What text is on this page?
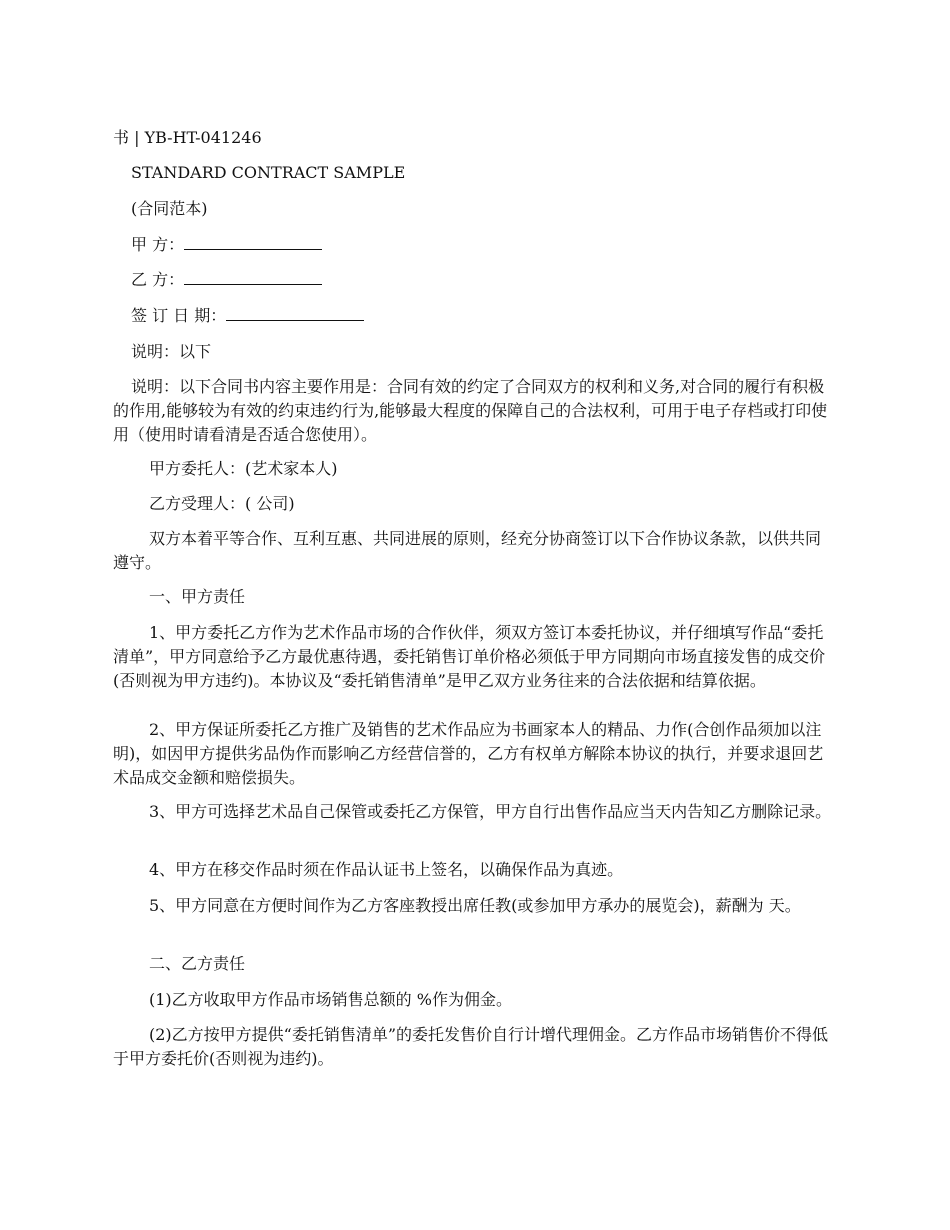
书 | YB-HT-041246

STANDARD CONTRACT SAMPLE

(合同范本)

甲 方：

乙 方：

签 订 日 期：

说明：以下

说明：以下合同书内容主要作用是：合同有效的约定了合同双方的权利和义务,对合同的履行有积极的作用,能够较为有效的约束违约行为,能够最大程度的保障自己的合法权利，可用于电子存档或打印使用（使用时请看清是否适合您使用）。

甲方委托人：(艺术家本人)

乙方受理人：( 公司)

双方本着平等合作、互利互惠、共同进展的原则，经充分协商签订以下合作协议条款，以供共同遵守。

一、甲方责任

1、甲方委托乙方作为艺术作品市场的合作伙伴，须双方签订本委托协议，并仔细填写作品“委托清单”，甲方同意给予乙方最优惠待遇，委托销售订单价格必须低于甲方同期向市场直接发售的成交价(否则视为甲方违约)。本协议及“委托销售清单”是甲乙双方业务往来的合法依据和结算依据。

2、甲方保证所委托乙方推广及销售的艺术作品应为书画家本人的精品、力作(合创作品须加以注明)，如因甲方提供劣品伪作而影响乙方经营信誉的，乙方有权单方解除本协议的执行，并要求退回艺术品成交金额和赔偿损失。

3、甲方可选择艺术品自己保管或委托乙方保管，甲方自行出售作品应当天内告知乙方删除记录。

4、甲方在移交作品时须在作品认证书上签名，以确保作品为真迹。

5、甲方同意在方便时间作为乙方客座教授出席任教(或参加甲方承办的展览会)，薪酬为 天。

二、乙方责任

(1)乙方收取甲方作品市场销售总额的 %作为佣金。

(2)乙方按甲方提供“委托销售清单”的委托发售价自行计增代理佣金。乙方作品市场销售价不得低于甲方委托价(否则视为违约)。
